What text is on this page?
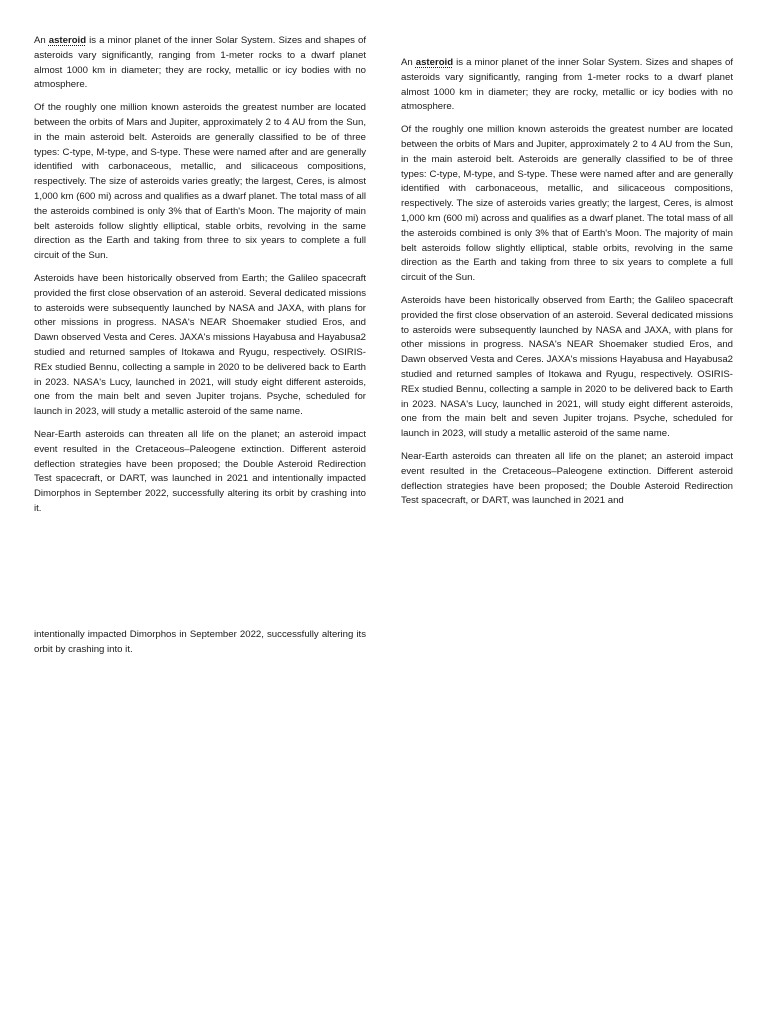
An asteroid is a minor planet of the inner Solar System. Sizes and shapes of asteroids vary significantly, ranging from 1-meter rocks to a dwarf planet almost 1000 km in diameter; they are rocky, metallic or icy bodies with no atmosphere.

Of the roughly one million known asteroids the greatest number are located between the orbits of Mars and Jupiter, approximately 2 to 4 AU from the Sun, in the main asteroid belt. Asteroids are generally classified to be of three types: C-type, M-type, and S-type. These were named after and are generally identified with carbonaceous, metallic, and silicaceous compositions, respectively. The size of asteroids varies greatly; the largest, Ceres, is almost 1,000 km (600 mi) across and qualifies as a dwarf planet. The total mass of all the asteroids combined is only 3% that of Earth's Moon. The majority of main belt asteroids follow slightly elliptical, stable orbits, revolving in the same direction as the Earth and taking from three to six years to complete a full circuit of the Sun.

Asteroids have been historically observed from Earth; the Galileo spacecraft provided the first close observation of an asteroid. Several dedicated missions to asteroids were subsequently launched by NASA and JAXA, with plans for other missions in progress. NASA's NEAR Shoemaker studied Eros, and Dawn observed Vesta and Ceres. JAXA's missions Hayabusa and Hayabusa2 studied and returned samples of Itokawa and Ryugu, respectively. OSIRIS-REx studied Bennu, collecting a sample in 2020 to be delivered back to Earth in 2023. NASA's Lucy, launched in 2021, will study eight different asteroids, one from the main belt and seven Jupiter trojans. Psyche, scheduled for launch in 2023, will study a metallic asteroid of the same name.

Near-Earth asteroids can threaten all life on the planet; an asteroid impact event resulted in the Cretaceous–Paleogene extinction. Different asteroid deflection strategies have been proposed; the Double Asteroid Redirection Test spacecraft, or DART, was launched in 2021 and intentionally impacted Dimorphos in September 2022, successfully altering its orbit by crashing into it.

An asteroid is a minor planet of the inner Solar System. Sizes and shapes of asteroids vary significantly, ranging from 1-meter rocks to a dwarf planet almost 1000 km in diameter; they are rocky, metallic or icy bodies with no atmosphere.

Of the roughly one million known asteroids the greatest number are located between the orbits of Mars and Jupiter, approximately 2 to 4 AU from the Sun, in the main asteroid belt. Asteroids are generally classified to be of three types: C-type, M-type, and S-type. These were named after and are generally identified with carbonaceous, metallic, and silicaceous compositions, respectively. The size of asteroids varies greatly; the largest, Ceres, is almost 1,000 km (600 mi) across and qualifies as a dwarf planet. The total mass of all the asteroids combined is only 3% that of Earth's Moon. The majority of main belt asteroids follow slightly elliptical, stable orbits, revolving in the same direction as the Earth and taking from three to six years to complete a full circuit of the Sun.

Asteroids have been historically observed from Earth; the Galileo spacecraft provided the first close observation of an asteroid. Several dedicated missions to asteroids were subsequently launched by NASA and JAXA, with plans for other missions in progress. NASA's NEAR Shoemaker studied Eros, and Dawn observed Vesta and Ceres. JAXA's missions Hayabusa and Hayabusa2 studied and returned samples of Itokawa and Ryugu, respectively. OSIRIS-REx studied Bennu, collecting a sample in 2020 to be delivered back to Earth in 2023. NASA's Lucy, launched in 2021, will study eight different asteroids, one from the main belt and seven Jupiter trojans. Psyche, scheduled for launch in 2023, will study a metallic asteroid of the same name.

Near-Earth asteroids can threaten all life on the planet; an asteroid impact event resulted in the Cretaceous–Paleogene extinction. Different asteroid deflection strategies have been proposed; the Double Asteroid Redirection Test spacecraft, or DART, was launched in 2021 and

intentionally impacted Dimorphos in September 2022, successfully altering its orbit by crashing into it.
